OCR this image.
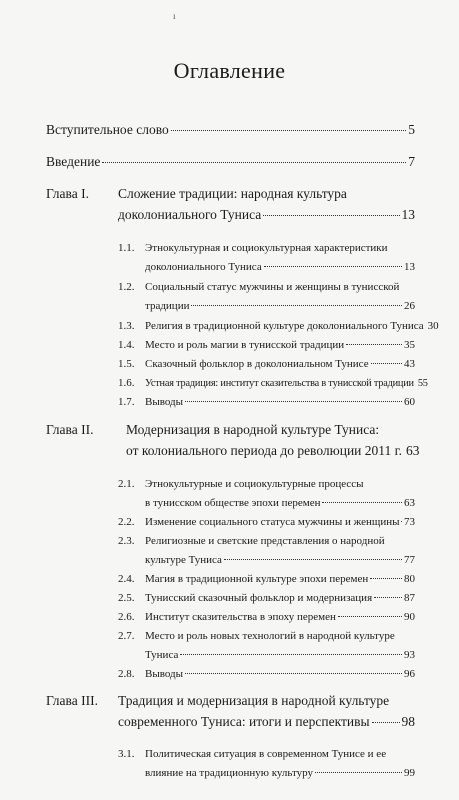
ı
Оглавление
Вступительное слово	5
Введение	7
Глава I. Сложение традиции: народная культура
доколониального Туниса	13
1.1. Этнокультурная и социокультурная характеристики
доколониального Туниса	13
1.2. Социальный статус мужчины и женщины в тунисской
традиции	26
1.3. Религия в традиционной культуре доколониального Туниса 30
1.4. Место и роль магии в тунисской традиции	35
1.5. Сказочный фольклор в доколониальном Тунисе	43
1.6. Устная традиция: институт сказительства в тунисской традиции 55
1.7. Выводы	60
Глава II. Модернизация в народной культуре Туниса:
от колониального периода до революции 2011 г. 63
2.1. Этнокультурные и социокультурные процессы
в тунисском обществе эпохи перемен	63
2.2. Изменение социального статуса мужчины и женщины 73
2.3. Религиозные и светские представления о народной
культуре Туниса	77
2.4. Магия в традиционной культуре эпохи перемен	80
2.5. Тунисский сказочный фольклор и модернизация	87
2.6. Институт сказительства в эпоху перемен	90
2.7. Место и роль новых технологий в народной культуре
Туниса	93
2.8. Выводы	96
Глава III. Традиция и модернизация в народной культуре
современного Туниса: итоги и перспективы 98
3.1. Политическая ситуация в современном Тунисе и ее
влияние на традиционную культуру	99
